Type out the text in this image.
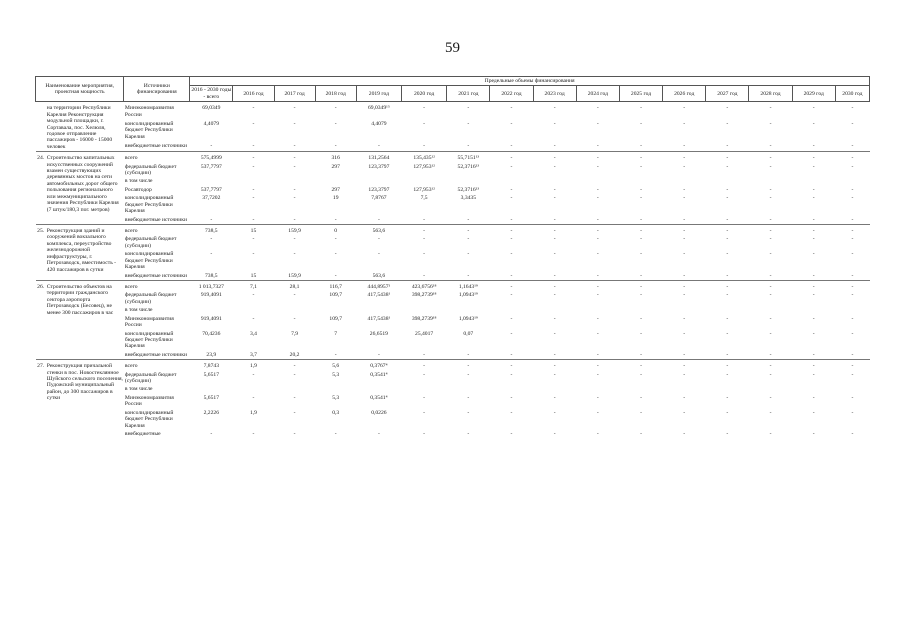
59
Наименование мероприятия, проектная мощность		Источники финансирования	Предельные объемы финансирования															
			2016 - 2030 годы - всего	2016 год	2017 год	2018 год	2019 год	2020 год	2021 год	2022 год	2023 год	2024 год	2025 год	2026 год	2027 год	2028 год	2029 год	2030 год
	на территории Республики Карелия Реконструкция модульной площадки, г. Сортавала, пос. Хелюля, годовое отправление пассажиров - 16000 - 15000 человек	Минэкономразвития России	69,0349	-	-	-	69,0349¹⁵	-	-	-	-	-	-	-	-	-	-	-
		консолидированный бюджет Республики Карелия	4,4079	-	-	-	4,4079	-	-	-	-	-	-	-	-	-	-	-
		внебюджетные источники	-	-	-	-	-	-	-	-	-	-	-	-	-	-	-	-
24.	Строительство капитальных искусственных сооружений взамен существующих деревянных мостов на сети автомобильных дорог общего пользования регионального или межмуниципального значения Республики Карелия (7 штук/180,3 пог. метров)	всего	575,4999	-	-	316	131,2564	135,435¹²	55,7151¹³	-	-	-	-	-	-	-	-	-
		федеральный бюджет (субсидии)	537,7797	-	-	297	123,3797	127,953¹²	52,3716¹³	-	-	-	-	-	-	-	-	-
		в том числе																
		Росавтодор	537,7797	-	-	297	123,3797	127,953¹²	52,3716¹³	-	-	-	-	-	-	-	-	-
		консолидированный бюджет Республики Карелия	37,7202	-	-	19	7,8767	7,5	3,3435	-	-	-	-	-	-	-	-	-
		внебюджетные источники	-	-	-	-	-	-	-	-	-	-	-	-	-	-	-	-
25.	Реконструкция зданий и сооружений вокзального комплекса, переустройство железнодорожной инфраструктуры, г. Петрозаводск, вместимость - 420 пассажиров в сутки	всего	738,5	15	159,9	0	563,6	-	-	-	-	-	-	-	-	-	-	-
		федеральный бюджет (субсидии)	-	-	-	-	-	-	-	-	-	-	-	-	-	-	-	-
		консолидированный бюджет Республики Карелия	-	-	-	-	-	-	-	-	-	-	-	-	-	-	-	-
		внебюджетные источники	738,5	15	159,9	-	563,6	-	-	-	-	-	-	-	-	-	-	-
26.	Строительство объектов на территории гражданского сектора аэропорта Петрозаводск (Бесовец), не менее 300 пассажиров в час	всего	1 013,7327	7,1	28,1	116,7	444,8957¹	423,6756¹⁸	1,1643¹⁹	-	-	-	-	-	-	-	-	-
		федеральный бюджет (субсидии)	919,4091	-	-	109,7	417,5438¹	398,2739¹⁸	1,0943¹⁹	-	-	-	-	-	-	-	-	-
		в том числе																
		Минэкономразвития России	919,4091	-	-	109,7	417,5438¹	398,2739¹⁸	1,0943¹⁹	-	-	-	-	-	-	-	-	-
		консолидированный бюджет Республики Карелия	70,4236	3,4	7,9	7	26,6519	25,4017	0,07	-	-	-	-	-	-	-	-	-
		внебюджетные источники	23,9	3,7	20,2	-	-	-	-	-	-	-	-	-	-	-	-	-
27.	Реконструкция причальной стенки в пос. Новостеклянное Шуйского сельского поселения, Пудожский муниципальный район, до 300 пассажиров в сутки	всего	7,8743	1,9	-	5,6	0,3767⁴	-	-	-	-	-	-	-	-	-	-	-
		федеральный бюджет (субсидии)	5,6517	-	-	5,3	0,3541⁴	-	-	-	-	-	-	-	-	-	-	-
		в том числе																
		Минэкономразвития России	5,6517	-	-	5,3	0,3541⁴	-	-	-	-	-	-	-	-	-	-	-
		консолидированный бюджет Республики Карелия	2,2226	1,9	-	0,3	0,0226	-	-	-	-	-	-	-	-	-	-	-
		внебюджетные	-	-	-	-	-	-	-	-	-	-	-	-	-	-	-	-
